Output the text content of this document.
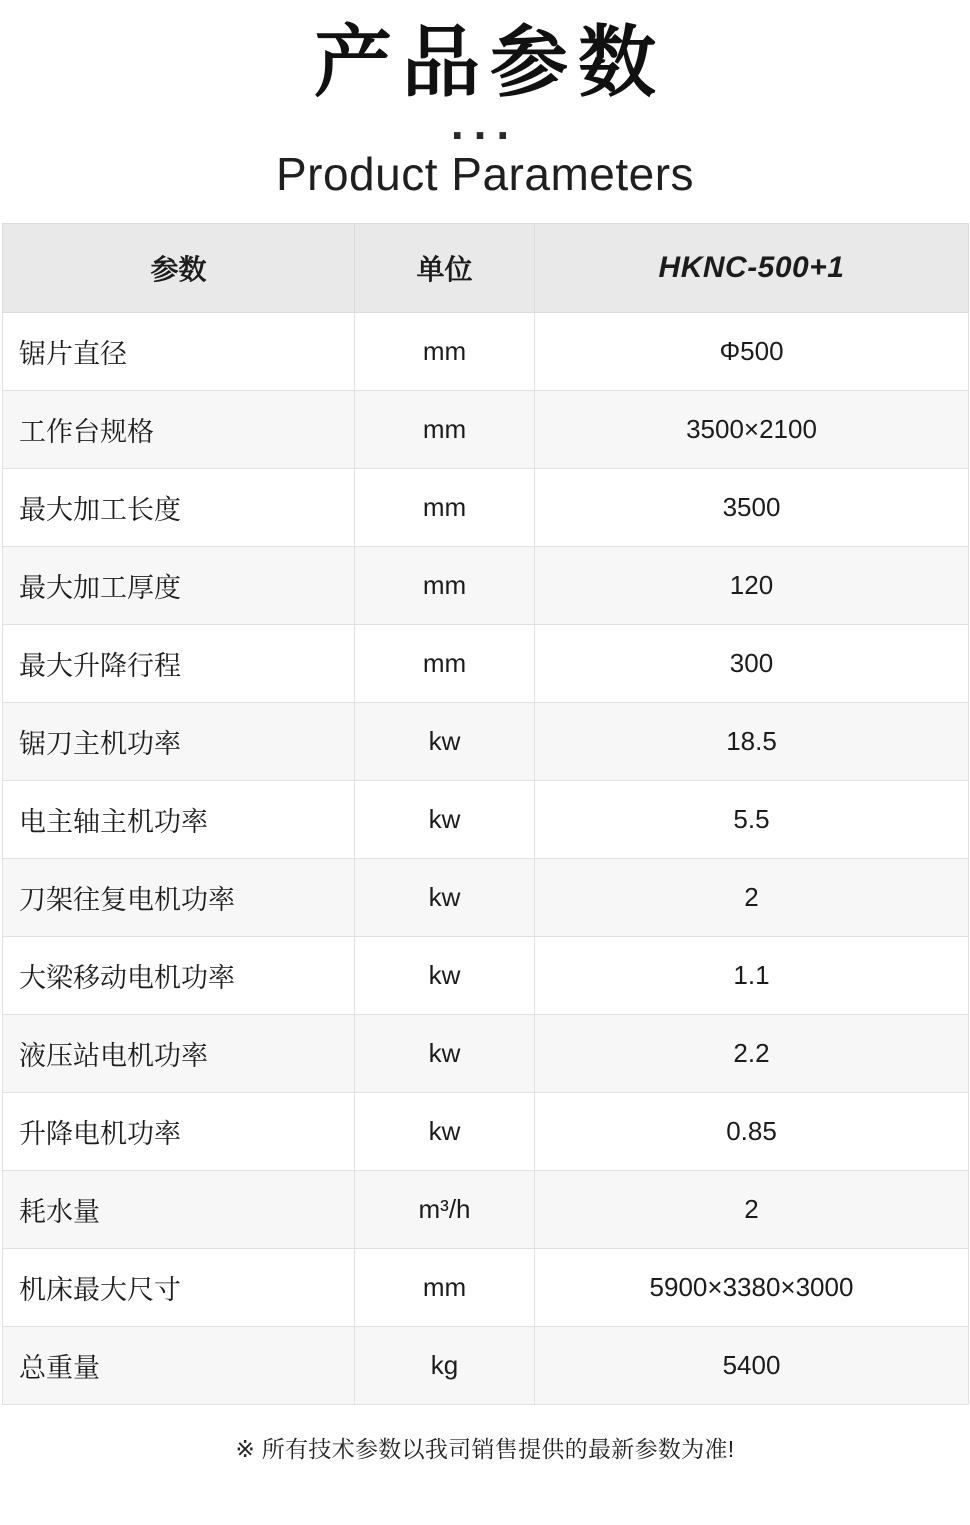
产品参数
...
Product Parameters
参数	单位	HKNC-500+1
锯片直径	mm	Φ500
工作台规格	mm	3500×2100
最大加工长度	mm	3500
最大加工厚度	mm	120
最大升降行程	mm	300
锯刀主机功率	kw	18.5
电主轴主机功率	kw	5.5
刀架往复电机功率	kw	2
大梁移动电机功率	kw	1.1
液压站电机功率	kw	2.2
升降电机功率	kw	0.85
耗水量	m³/h	2
机床最大尺寸	mm	5900×3380×3000
总重量	kg	5400
※ 所有技术参数以我司销售提供的最新参数为准!
